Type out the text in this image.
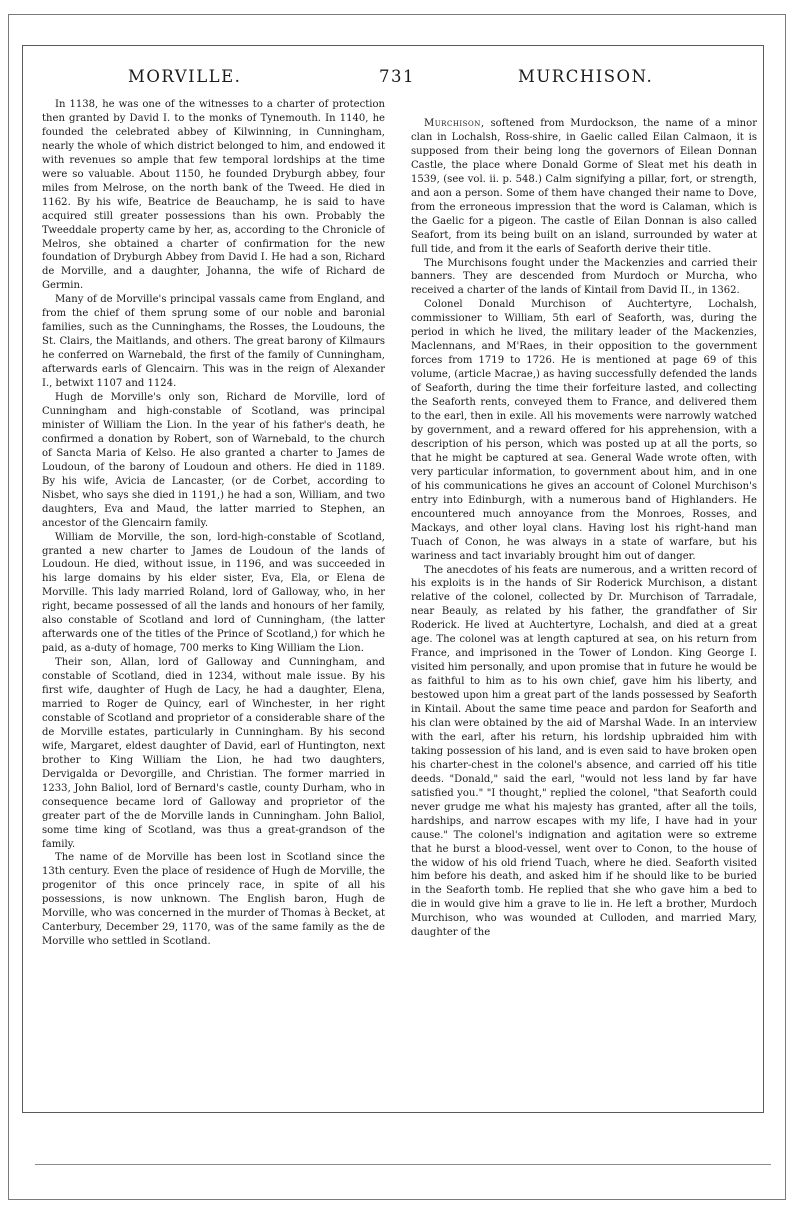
MORVILLE.	731	MURCHISON.

In 1138, he was one of the witnesses to a charter of protection then granted by David I. to the monks of Tynemouth. In 1140, he founded the celebrated abbey of Kilwinning, in Cunningham, nearly the whole of which district belonged to him, and endowed it with revenues so ample that few temporal lordships at the time were so valuable. About 1150, he founded Dryburgh abbey, four miles from Melrose, on the north bank of the Tweed. He died in 1162. By his wife, Beatrice de Beauchamp, he is said to have acquired still greater possessions than his own. Probably the Tweeddale property came by her, as, according to the Chronicle of Melros, she obtained a charter of confirmation for the new foundation of Dryburgh Abbey from David I. He had a son, Richard de Morville, and a daughter, Johanna, the wife of Richard de Germin.

Many of de Morville's principal vassals came from England, and from the chief of them sprung some of our noble and baronial families, such as the Cunninghams, the Rosses, the Loudouns, the St. Clairs, the Maitlands, and others. The great barony of Kilmaurs he conferred on Warnebald, the first of the family of Cunningham, afterwards earls of Glencairn. This was in the reign of Alexander I., betwixt 1107 and 1124.

Hugh de Morville's only son, Richard de Morville, lord of Cunningham and high-constable of Scotland, was principal minister of William the Lion. In the year of his father's death, he confirmed a donation by Robert, son of Warnebald, to the church of Sancta Maria of Kelso. He also granted a charter to James de Loudoun, of the barony of Loudoun and others. He died in 1189. By his wife, Avicia de Lancaster, (or de Corbet, according to Nisbet, who says she died in 1191,) he had a son, William, and two daughters, Eva and Maud, the latter married to Stephen, an ancestor of the Glencairn family.

William de Morville, the son, lord-high-constable of Scotland, granted a new charter to James de Loudoun of the lands of Loudoun. He died, without issue, in 1196, and was succeeded in his large domains by his elder sister, Eva, Ela, or Elena de Morville. This lady married Roland, lord of Galloway, who, in her right, became possessed of all the lands and honours of her family, also constable of Scotland and lord of Cunningham, (the latter afterwards one of the titles of the Prince of Scotland,) for which he paid, as a-duty of homage, 700 merks to King William the Lion.

Their son, Allan, lord of Galloway and Cunningham, and constable of Scotland, died in 1234, without male issue. By his first wife, daughter of Hugh de Lacy, he had a daughter, Elena, married to Roger de Quincy, earl of Winchester, in her right constable of Scotland and proprietor of a considerable share of the de Morville estates, particularly in Cunningham. By his second wife, Margaret, eldest daughter of David, earl of Huntington, next brother to King William the Lion, he had two daughters, Dervigalda or Devorgille, and Christian. The former married in 1233, John Baliol, lord of Bernard's castle, county Durham, who in consequence became lord of Galloway and proprietor of the greater part of the de Morville lands in Cunningham. John Baliol, some time king of Scotland, was thus a great-grandson of the family.

The name of de Morville has been lost in Scotland since the 13th century. Even the place of residence of Hugh de Morville, the progenitor of this once princely race, in spite of all his possessions, is now unknown. The English baron, Hugh de Morville, who was concerned in the murder of Thomas à Becket, at Canterbury, December 29, 1170, was of the same family as the de Morville who settled in Scotland.

Murchison, softened from Murdockson, the name of a minor clan in Lochalsh, Ross-shire, in Gaelic called Eilan Calmaon, it is supposed from their being long the governors of Eilean Donnan Castle, the place where Donald Gorme of Sleat met his death in 1539, (see vol. ii. p. 548.) Calm signifying a pillar, fort, or strength, and aon a person. Some of them have changed their name to Dove, from the erroneous impression that the word is Calaman, which is the Gaelic for a pigeon. The castle of Eilan Donnan is also called Seafort, from its being built on an island, surrounded by water at full tide, and from it the earls of Seaforth derive their title.

The Murchisons fought under the Mackenzies and carried their banners. They are descended from Murdoch or Murcha, who received a charter of the lands of Kintail from David II., in 1362.

Colonel Donald Murchison of Auchtertyre, Lochalsh, commissioner to William, 5th earl of Seaforth, was, during the period in which he lived, the military leader of the Mackenzies, Maclennans, and M'Raes, in their opposition to the government forces from 1719 to 1726. He is mentioned at page 69 of this volume, (article Macrae,) as having successfully defended the lands of Seaforth, during the time their forfeiture lasted, and collecting the Seaforth rents, conveyed them to France, and delivered them to the earl, then in exile. All his movements were narrowly watched by government, and a reward offered for his apprehension, with a description of his person, which was posted up at all the ports, so that he might be captured at sea. General Wade wrote often, with very particular information, to government about him, and in one of his communications he gives an account of Colonel Murchison's entry into Edinburgh, with a numerous band of Highlanders. He encountered much annoyance from the Monroes, Rosses, and Mackays, and other loyal clans. Having lost his right-hand man Tuach of Conon, he was always in a state of warfare, but his wariness and tact invariably brought him out of danger.

The anecdotes of his feats are numerous, and a written record of his exploits is in the hands of Sir Roderick Murchison, a distant relative of the colonel, collected by Dr. Murchison of Tarradale, near Beauly, as related by his father, the grandfather of Sir Roderick. He lived at Auchtertyre, Lochalsh, and died at a great age. The colonel was at length captured at sea, on his return from France, and imprisoned in the Tower of London. King George I. visited him personally, and upon promise that in future he would be as faithful to him as to his own chief, gave him his liberty, and bestowed upon him a great part of the lands possessed by Seaforth in Kintail. About the same time peace and pardon for Seaforth and his clan were obtained by the aid of Marshal Wade. In an interview with the earl, after his return, his lordship upbraided him with taking possession of his land, and is even said to have broken open his charter-chest in the colonel's absence, and carried off his title deeds. "Donald," said the earl, "would not less land by far have satisfied you." "I thought," replied the colonel, "that Seaforth could never grudge me what his majesty has granted, after all the toils, hardships, and narrow escapes with my life, I have had in your cause." The colonel's indignation and agitation were so extreme that he burst a blood-vessel, went over to Conon, to the house of the widow of his old friend Tuach, where he died. Seaforth visited him before his death, and asked him if he should like to be buried in the Seaforth tomb. He replied that she who gave him a bed to die in would give him a grave to lie in. He left a brother, Murdoch Murchison, who was wounded at Culloden, and married Mary, daughter of the
